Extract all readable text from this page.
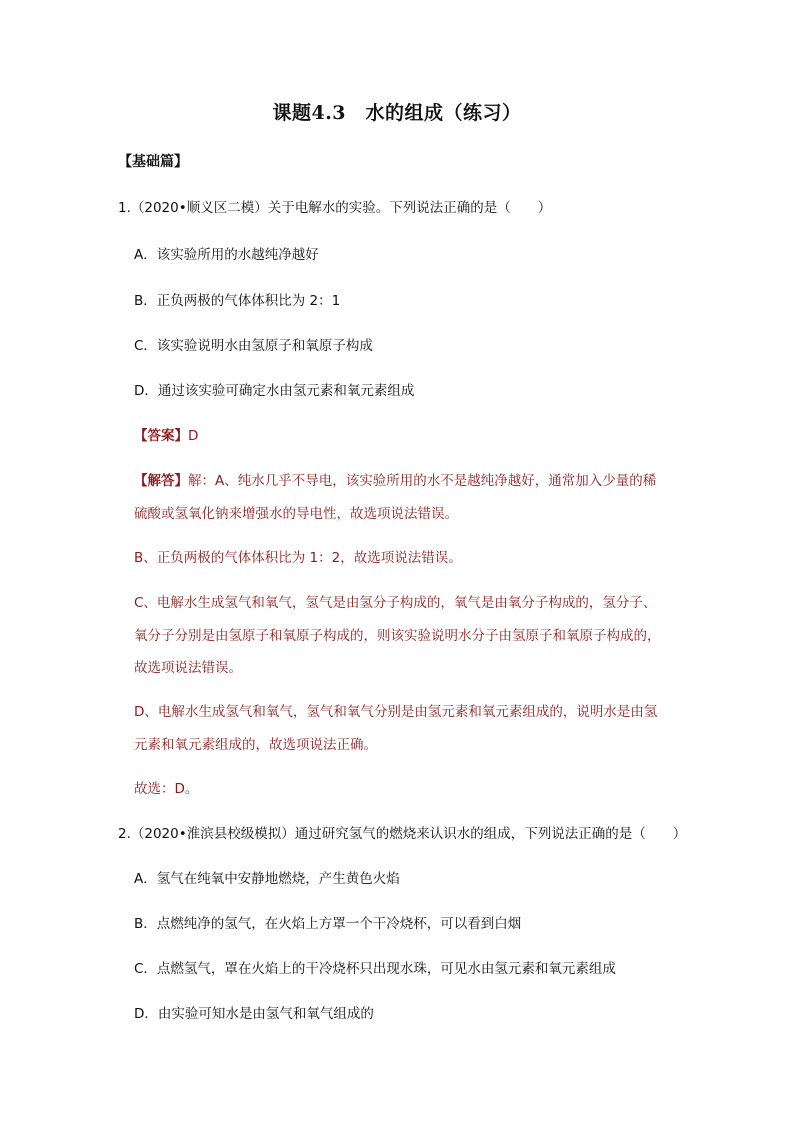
课题4.3　水的组成（练习）
【基础篇】
1.（2020•顺义区二模）关于电解水的实验。下列说法正确的是（　　）
A．该实验所用的水越纯净越好
B．正负两极的气体体积比为 2：1
C．该实验说明水由氢原子和氧原子构成
D．通过该实验可确定水由氢元素和氧元素组成
【答案】D
【解答】解：A、纯水几乎不导电，该实验所用的水不是越纯净越好，通常加入少量的稀
硫酸或氢氧化钠来增强水的导电性，故选项说法错误。
B、正负两极的气体体积比为 1：2，故选项说法错误。
C、电解水生成氢气和氧气，氢气是由氢分子构成的，氧气是由氧分子构成的，氢分子、
氧分子分别是由氢原子和氧原子构成的，则该实验说明水分子由氢原子和氧原子构成的，
故选项说法错误。
D、电解水生成氢气和氧气，氢气和氧气分别是由氢元素和氧元素组成的，说明水是由氢
元素和氧元素组成的，故选项说法正确。
故选：D。
2.（2020•淮滨县校级模拟）通过研究氢气的燃烧来认识水的组成，下列说法正确的是（　　）
A．氢气在纯氧中安静地燃烧，产生黄色火焰
B．点燃纯净的氢气，在火焰上方罩一个干冷烧杯，可以看到白烟
C．点燃氢气，罩在火焰上的干冷烧杯只出现水珠，可见水由氢元素和氧元素组成
D．由实验可知水是由氢气和氧气组成的
